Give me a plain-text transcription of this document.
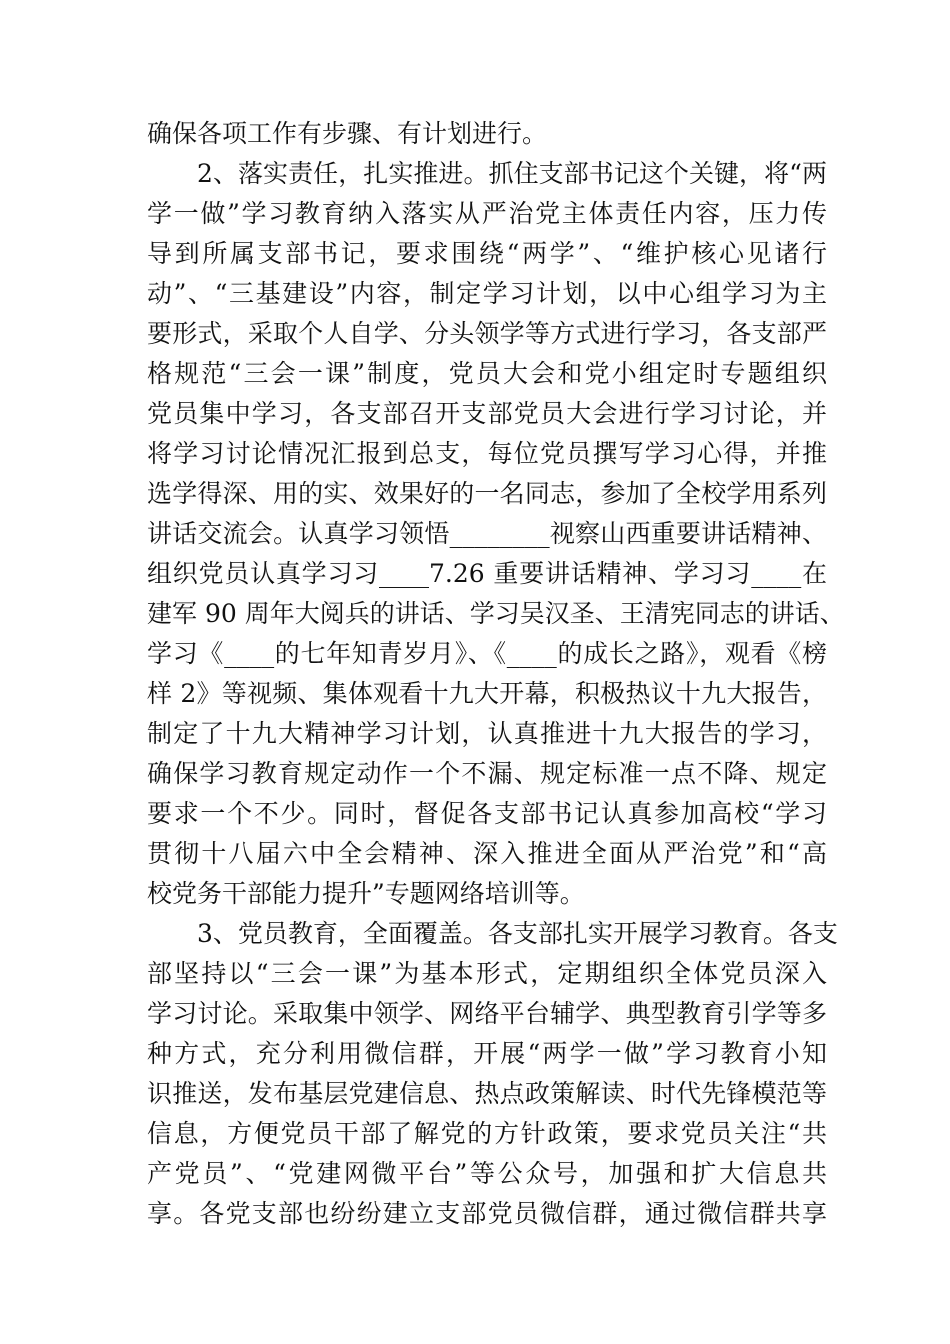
确保各项工作有步骤、有计划进行。
2、落实责任，扎实推进。抓住支部书记这个关键，将“两
学一做”学习教育纳入落实从严治党主体责任内容，压力传
导到所属支部书记，要求围绕“两学”、“维护核心见诸行
动”、“三基建设”内容，制定学习计划，以中心组学习为主
要形式，采取个人自学、分头领学等方式进行学习，各支部严
格规范“三会一课”制度，党员大会和党小组定时专题组织
党员集中学习，各支部召开支部党员大会进行学习讨论，并
将学习讨论情况汇报到总支，每位党员撰写学习心得，并推
选学得深、用的实、效果好的一名同志，参加了全校学用系列
讲话交流会。认真学习领悟________视察山西重要讲话精神、
组织党员认真学习习____7.26 重要讲话精神、学习习____在
建军 90 周年大阅兵的讲话、学习吴汉圣、王清宪同志的讲话、
学习《____的七年知青岁月》、《____的成长之路》，观看《榜
样 2》等视频、集体观看十九大开幕，积极热议十九大报告，
制定了十九大精神学习计划，认真推进十九大报告的学习，
确保学习教育规定动作一个不漏、规定标准一点不降、规定
要求一个不少。同时，督促各支部书记认真参加高校“学习
贯彻十八届六中全会精神、深入推进全面从严治党”和“高
校党务干部能力提升”专题网络培训等。
3、党员教育，全面覆盖。各支部扎实开展学习教育。各支
部坚持以“三会一课”为基本形式，定期组织全体党员深入
学习讨论。采取集中领学、网络平台辅学、典型教育引学等多
种方式，充分利用微信群，开展“两学一做”学习教育小知
识推送，发布基层党建信息、热点政策解读、时代先锋模范等
信息，方便党员干部了解党的方针政策，要求党员关注“共
产党员”、“党建网微平台”等公众号，加强和扩大信息共
享。各党支部也纷纷建立支部党员微信群，通过微信群共享
